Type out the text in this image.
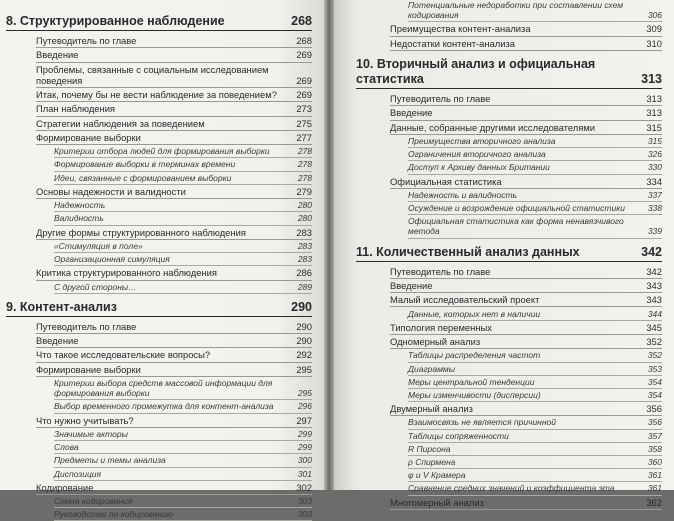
8. Структурированное наблюдение	268
Путеводитель по главе	268
Введение	269
Проблемы, связанные с социальным исследованием поведения	269
Итак, почему бы не вести наблюдение за поведением?	269
План наблюдения	273
Стратегии наблюдения за поведением	275
Формирование выборки	277
Критерии отбора людей для формирования выборки	278
Формирование выборки в терминах времени	278
Идеи, связанные с формированием выборки	278
Основы надежности и валидности	279
Надежность	280
Валидность	280
Другие формы структурированного наблюдения	283
«Стимуляция в поле»	283
Организационная симуляция	283
Критика структурированного наблюдения	286
С другой стороны…	289
9. Контент-анализ	290
Путеводитель по главе	290
Введение	290
Что такое исследовательские вопросы?	292
Формирование выборки	295
Критерии выбора средств массовой информации для формирования выборки	295
Выбор временного промежутка для контент-анализа	296
Что нужно учитывать?	297
Значимые акторы	299
Слова	299
Предметы и темы анализа	300
Диспозиция	301
Кодирование	302
Схема кодирования	303
Руководство по кодированию	303
Потенциальные недоработки при составлении схем кодирования	306
Преимущества контент-анализа	309
Недостатки контент-анализа	310
10. Вторичный анализ и официальная статистика	313
Путеводитель по главе	313
Введение	313
Данные, собранные другими исследователями	315
Преимущества вторичного анализа	315
Ограничения вторичного анализа	326
Доступ к Архиву данных Британии	330
Официальная статистика	334
Надежность и валидность	337
Осуждение и возрождение официальной статистики	338
Официальная статистика как форма ненавязчивого метода	339
11. Количественный анализ данных	342
Путеводитель по главе	342
Введение	343
Малый исследовательский проект	343
Данные, которых нет в наличии	344
Типология переменных	345
Одномерный анализ	352
Таблицы распределения частот	352
Диаграммы	353
Меры центральной тенденции	354
Меры изменчивости (дисперсии)	354
Двумерный анализ	356
Взаимосвязь не является причинной	356
Таблицы сопряженности	357
R Пирсона	358
ρ Спирмена	360
φ и V Крамера	361
Сравнение средних значений и коэффициента эта	361
Многомерный анализ	362
